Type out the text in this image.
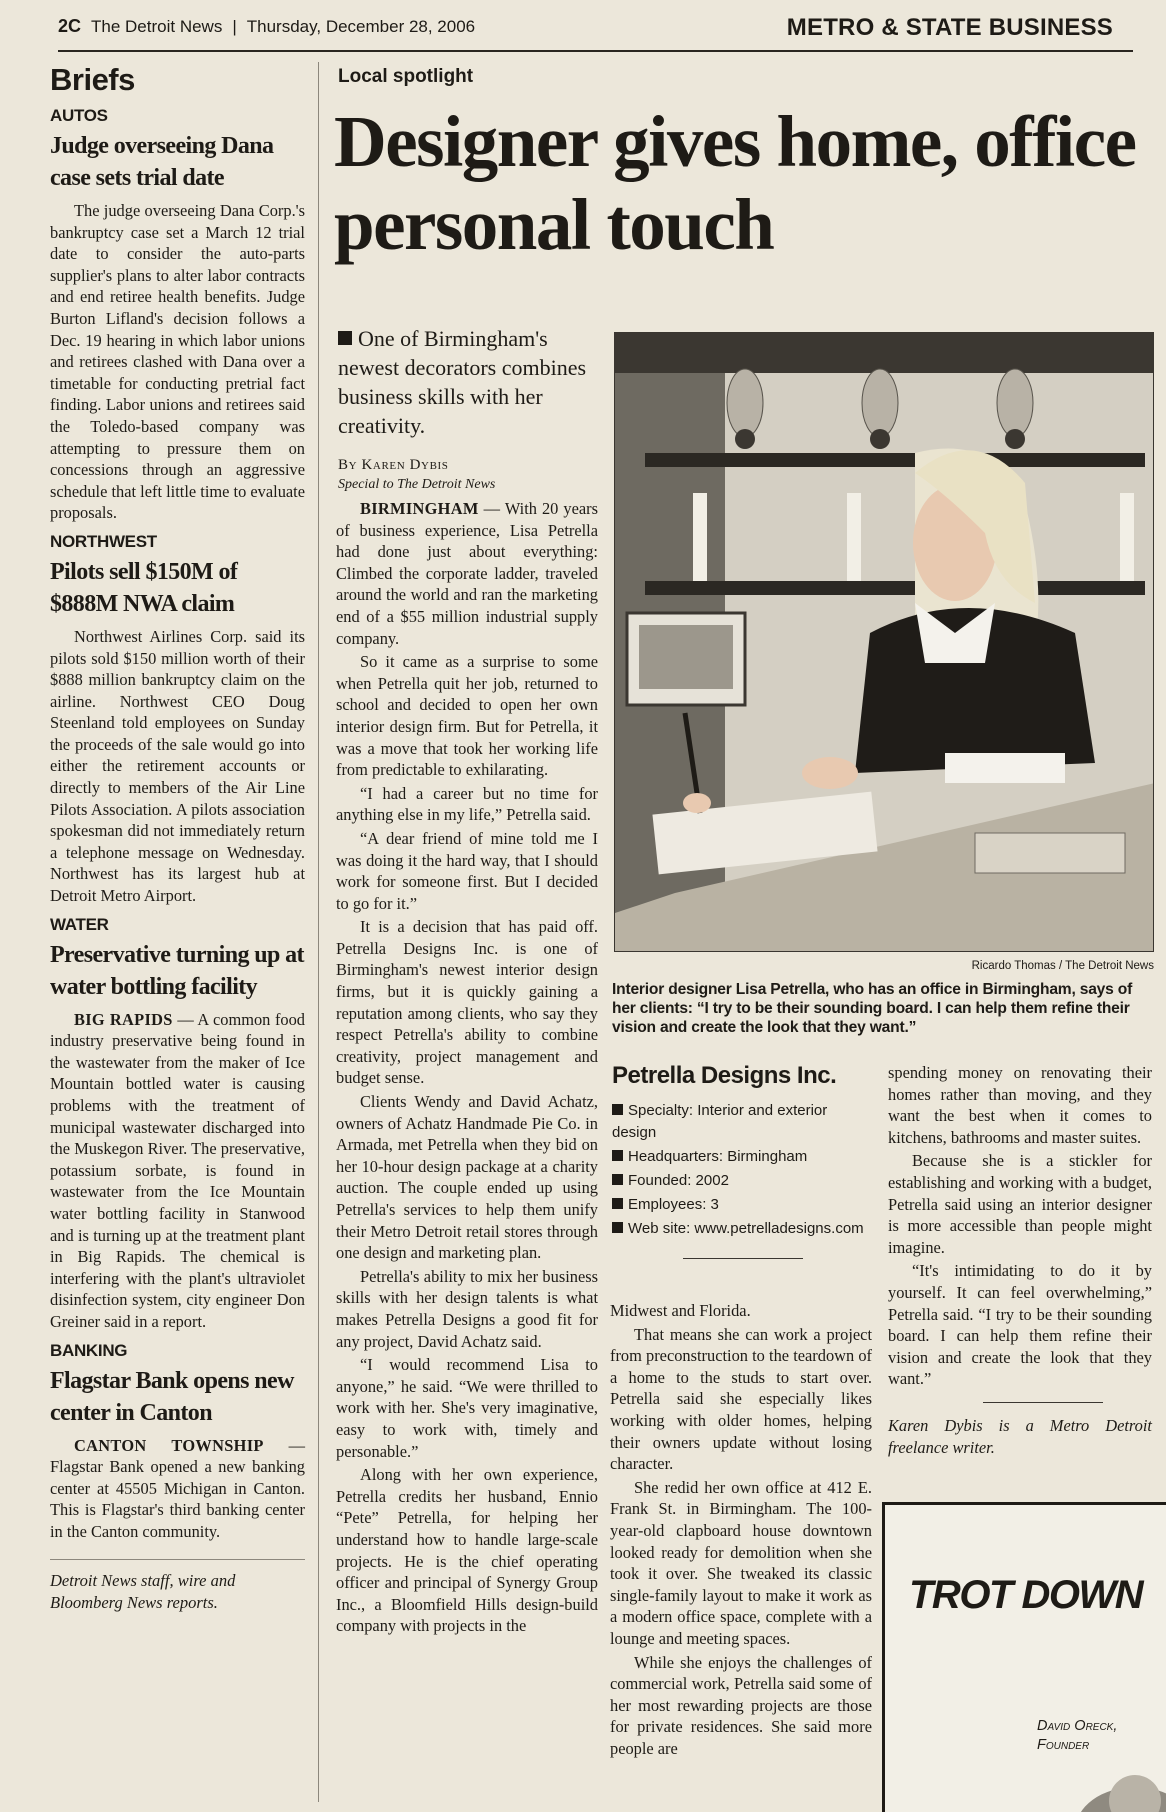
2C The Detroit News | Thursday, December 28, 2006	METRO & STATE BUSINESS
Briefs
AUTOS
Judge overseeing Dana case sets trial date

The judge overseeing Dana Corp.'s bankruptcy case set a March 12 trial date to consider the auto-parts supplier's plans to alter labor contracts and end retiree health benefits. Judge Burton Lifland's decision follows a Dec. 19 hearing in which labor unions and retirees clashed with Dana over a timetable for conducting pretrial fact finding. Labor unions and retirees said the Toledo-based company was attempting to pressure them on concessions through an aggressive schedule that left little time to evaluate proposals.

NORTHWEST
Pilots sell $150M of $888M NWA claim

Northwest Airlines Corp. said its pilots sold $150 million worth of their $888 million bankruptcy claim on the airline. Northwest CEO Doug Steenland told employees on Sunday the proceeds of the sale would go into either the retirement accounts or directly to members of the Air Line Pilots Association. A pilots association spokesman did not immediately return a telephone message on Wednesday. Northwest has its largest hub at Detroit Metro Airport.

WATER
Preservative turning up at water bottling facility

BIG RAPIDS — A common food industry preservative being found in the wastewater from the maker of Ice Mountain bottled water is causing problems with the treatment of municipal wastewater discharged into the Muskegon River. The preservative, potassium sorbate, is found in wastewater from the Ice Mountain water bottling facility in Stanwood and is turning up at the treatment plant in Big Rapids. The chemical is interfering with the plant's ultraviolet disinfection system, city engineer Don Greiner said in a report.

BANKING
Flagstar Bank opens new center in Canton

CANTON TOWNSHIP — Flagstar Bank opened a new banking center at 45505 Michigan in Canton. This is Flagstar's third banking center in the Canton community.

Detroit News staff, wire and Bloomberg News reports.
Local spotlight
Designer gives home, office personal touch
One of Birmingham's newest decorators combines business skills with her creativity.
By Karen Dybis
Special to The Detroit News

BIRMINGHAM — With 20 years of business experience, Lisa Petrella had done just about everything: Climbed the corporate ladder, traveled around the world and ran the marketing end of a $55 million industrial supply company.

So it came as a surprise to some when Petrella quit her job, returned to school and decided to open her own interior design firm. But for Petrella, it was a move that took her working life from predictable to exhilarating.

“I had a career but no time for anything else in my life,” Petrella said.

“A dear friend of mine told me I was doing it the hard way, that I should work for someone first. But I decided to go for it.”

It is a decision that has paid off. Petrella Designs Inc. is one of Birmingham's newest interior design firms, but it is quickly gaining a reputation among clients, who say they respect Petrella's ability to combine creativity, project management and budget sense.

Clients Wendy and David Achatz, owners of Achatz Handmade Pie Co. in Armada, met Petrella when they bid on her 10-hour design package at a charity auction. The couple ended up using Petrella's services to help them unify their Metro Detroit retail stores through one design and marketing plan.

Petrella's ability to mix her business skills with her design talents is what makes Petrella Designs a good fit for any project, David Achatz said.

“I would recommend Lisa to anyone,” he said. “We were thrilled to work with her. She's very imaginative, easy to work with, timely and personable.”

Along with her own experience, Petrella credits her husband, Ennio “Pete” Petrella, for helping her understand how to handle large-scale projects. He is the chief operating officer and principal of Synergy Group Inc., a Bloomfield Hills design-build company with projects in the

Ricardo Thomas / The Detroit News
Interior designer Lisa Petrella, who has an office in Birmingham, says of her clients: “I try to be their sounding board. I can help them refine their vision and create the look that they want.”
Petrella Designs Inc.
Specialty: Interior and exterior design
Headquarters: Birmingham
Founded: 2002
Employees: 3
Web site: www.petrelladesigns.com

Midwest and Florida.

That means she can work a project from preconstruction to the teardown of a home to the studs to start over. Petrella said she especially likes working with older homes, helping their owners update without losing character.

She redid her own office at 412 E. Frank St. in Birmingham. The 100-year-old clapboard house downtown looked ready for demolition when she took it over. She tweaked its classic single-family layout to make it work as a modern office space, complete with a lounge and meeting spaces.

While she enjoys the challenges of commercial work, Petrella said some of her most rewarding projects are those for private residences. She said more people are

spending money on renovating their homes rather than moving, and they want the best when it comes to kitchens, bathrooms and master suites.

Because she is a stickler for establishing and working with a budget, Petrella said using an interior designer is more accessible than people might imagine.

“It's intimidating to do it by yourself. It can feel overwhelming,” Petrella said. “I try to be their sounding board. I can help them refine their vision and create the look that they want.”

Karen Dybis is a Metro Detroit freelance writer.
TROT DOWN
David Oreck,
Founder
